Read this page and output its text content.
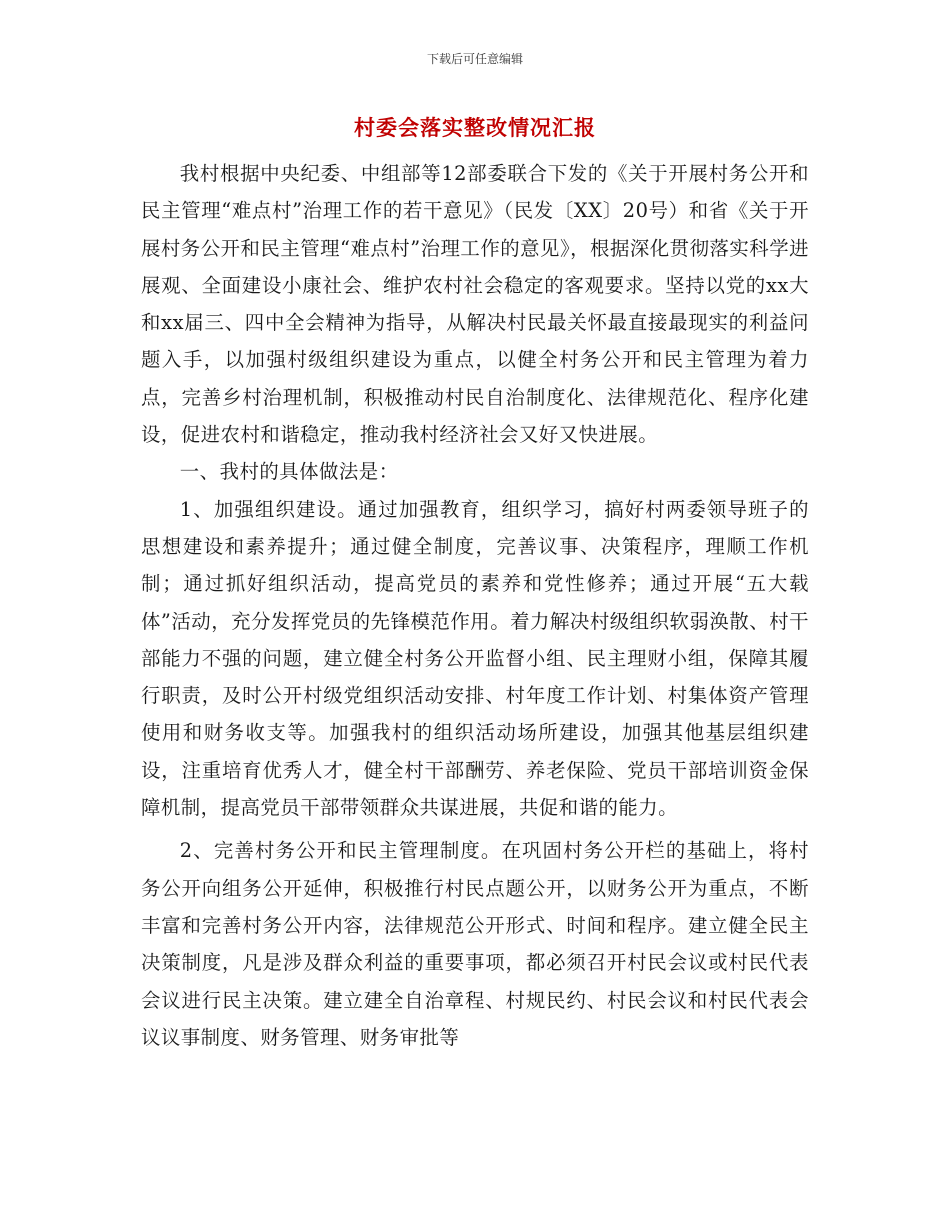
下载后可任意编辑
村委会落实整改情况汇报

我村根据中央纪委、中组部等12部委联合下发的《关于开展村务公开和民主管理“难点村”治理工作的若干意见》（民发〔XX〕20号）和省《关于开展村务公开和民主管理“难点村”治理工作的意见》，根据深化贯彻落实科学进展观、全面建设小康社会、维护农村社会稳定的客观要求。坚持以党的xx大和xx届三、四中全会精神为指导，从解决村民最关怀最直接最现实的利益问题入手，以加强村级组织建设为重点，以健全村务公开和民主管理为着力点，完善乡村治理机制，积极推动村民自治制度化、法律规范化、程序化建设，促进农村和谐稳定，推动我村经济社会又好又快进展。

一、我村的具体做法是：

1、加强组织建设。通过加强教育，组织学习，搞好村两委领导班子的思想建设和素养提升；通过健全制度，完善议事、决策程序，理顺工作机制；通过抓好组织活动，提高党员的素养和党性修养；通过开展“五大载体”活动，充分发挥党员的先锋模范作用。着力解决村级组织软弱涣散、村干部能力不强的问题，建立健全村务公开监督小组、民主理财小组，保障其履行职责，及时公开村级党组织活动安排、村年度工作计划、村集体资产管理使用和财务收支等。加强我村的组织活动场所建设，加强其他基层组织建设，注重培育优秀人才，健全村干部酬劳、养老保险、党员干部培训资金保障机制，提高党员干部带领群众共谋进展，共促和谐的能力。

2、完善村务公开和民主管理制度。在巩固村务公开栏的基础上，将村务公开向组务公开延伸，积极推行村民点题公开，以财务公开为重点，不断丰富和完善村务公开内容，法律规范公开形式、时间和程序。建立健全民主决策制度，凡是涉及群众利益的重要事项，都必须召开村民会议或村民代表会议进行民主决策。建立建全自治章程、村规民约、村民会议和村民代表会议议事制度、财务管理、财务审批等
